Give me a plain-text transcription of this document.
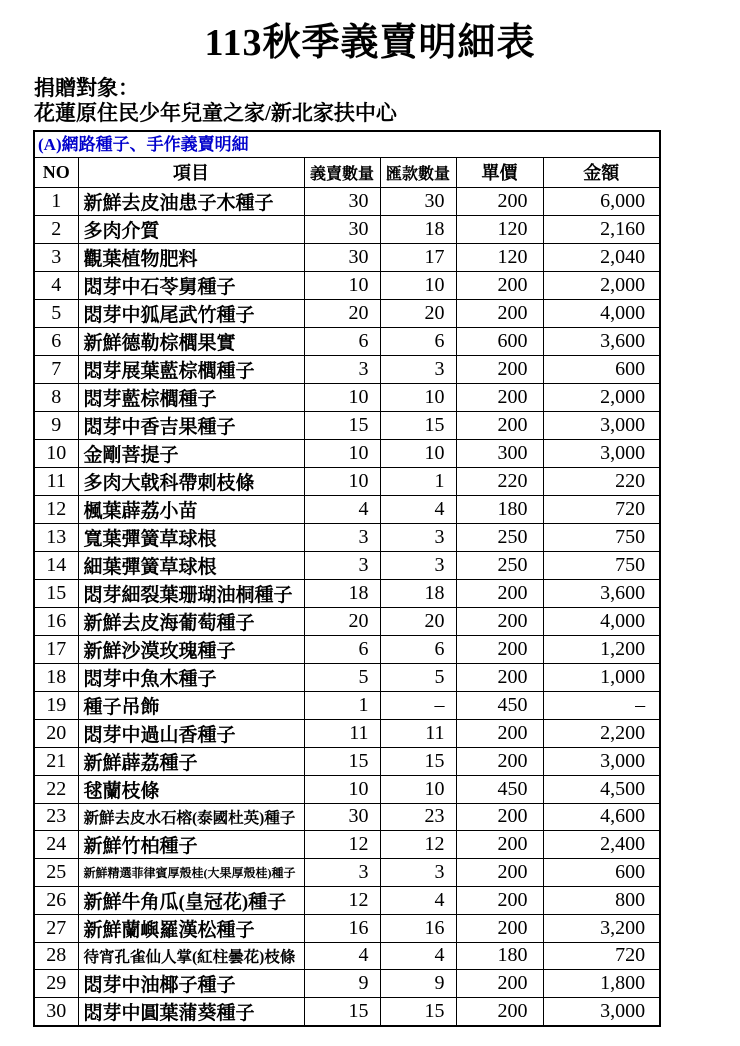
113秋季義賣明細表
捐贈對象：
花蓮原住民少年兒童之家/新北家扶中心
(A)網路種子、手作義賣明細					
NO	項目	義賣數量	匯款數量	單價	金額
1	新鮮去皮油患子木種子	30	30	200	6,000
2	多肉介質	30	18	120	2,160
3	觀葉植物肥料	30	17	120	2,040
4	悶芽中石苓舅種子	10	10	200	2,000
5	悶芽中狐尾武竹種子	20	20	200	4,000
6	新鮮德勒棕櫚果實	6	6	600	3,600
7	悶芽展葉藍棕櫚種子	3	3	200	600
8	悶芽藍棕櫚種子	10	10	200	2,000
9	悶芽中香吉果種子	15	15	200	3,000
10	金剛菩提子	10	10	300	3,000
11	多肉大戟科帶刺枝條	10	1	220	220
12	楓葉薜荔小苗	4	4	180	720
13	寬葉彈簧草球根	3	3	250	750
14	細葉彈簧草球根	3	3	250	750
15	悶芽細裂葉珊瑚油桐種子	18	18	200	3,600
16	新鮮去皮海葡萄種子	20	20	200	4,000
17	新鮮沙漠玫瑰種子	6	6	200	1,200
18	悶芽中魚木種子	5	5	200	1,000
19	種子吊飾	1	–	450	–
20	悶芽中過山香種子	11	11	200	2,200
21	新鮮薜荔種子	15	15	200	3,000
22	毬蘭枝條	10	10	450	4,500
23	新鮮去皮水石榕(泰國杜英)種子	30	23	200	4,600
24	新鮮竹柏種子	12	12	200	2,400
25	新鮮精選菲律賓厚殼桂(大果厚殼桂)種子	3	3	200	600
26	新鮮牛角瓜(皇冠花)種子	12	4	200	800
27	新鮮蘭嶼羅漢松種子	16	16	200	3,200
28	待宵孔雀仙人掌(紅柱曇花)枝條	4	4	180	720
29	悶芽中油椰子種子	9	9	200	1,800
30	悶芽中圓葉蒲葵種子	15	15	200	3,000
